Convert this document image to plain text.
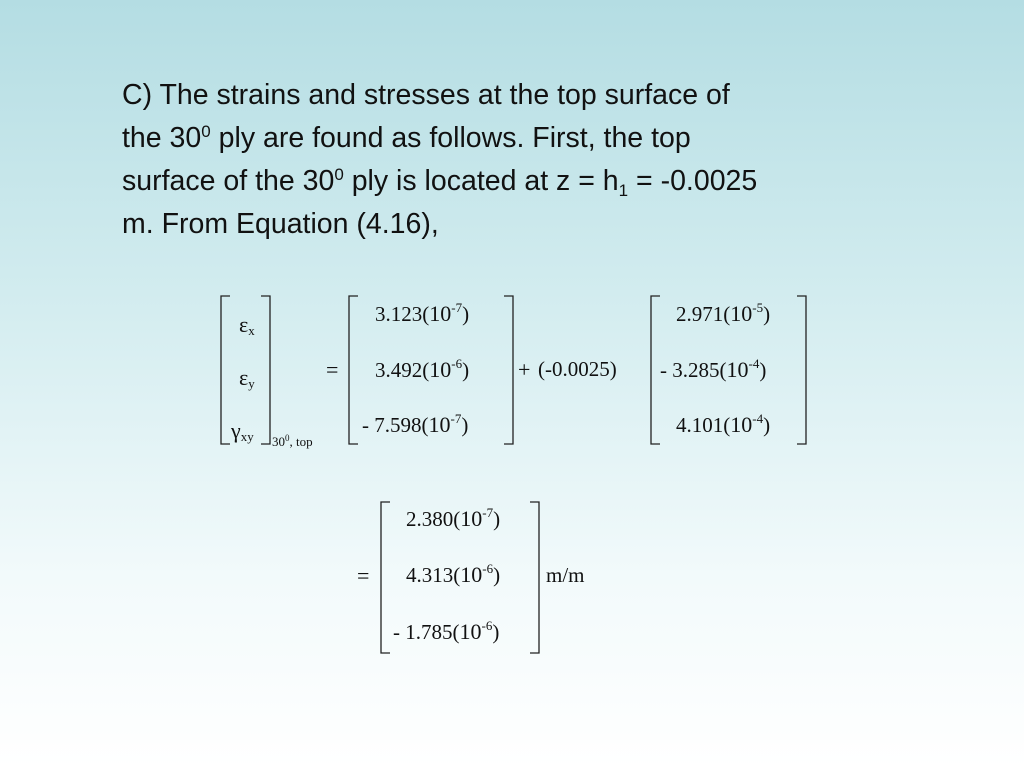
C) The strains and stresses at the top surface of
the $30^0$ ply are found as follows. First, the top
surface of the $30^0$ ply is located at $z = h_1 = -0.0025$
m. From Equation (4.16),
$\varepsilon_x$
$\varepsilon_y$
$\gamma_{xy}$ $30^0$, top
=
$3.123(10^{-7})$
$3.492(10^{-6})$
- $7.598(10^{-7})$
+ (-0.0025)
$2.971(10^{-5})$
- $3.285(10^{-4})$
$4.101(10^{-4})$
=
$2.380(10^{-7})$
$4.313(10^{-6})$
- $1.785(10^{-6})$
m/m
